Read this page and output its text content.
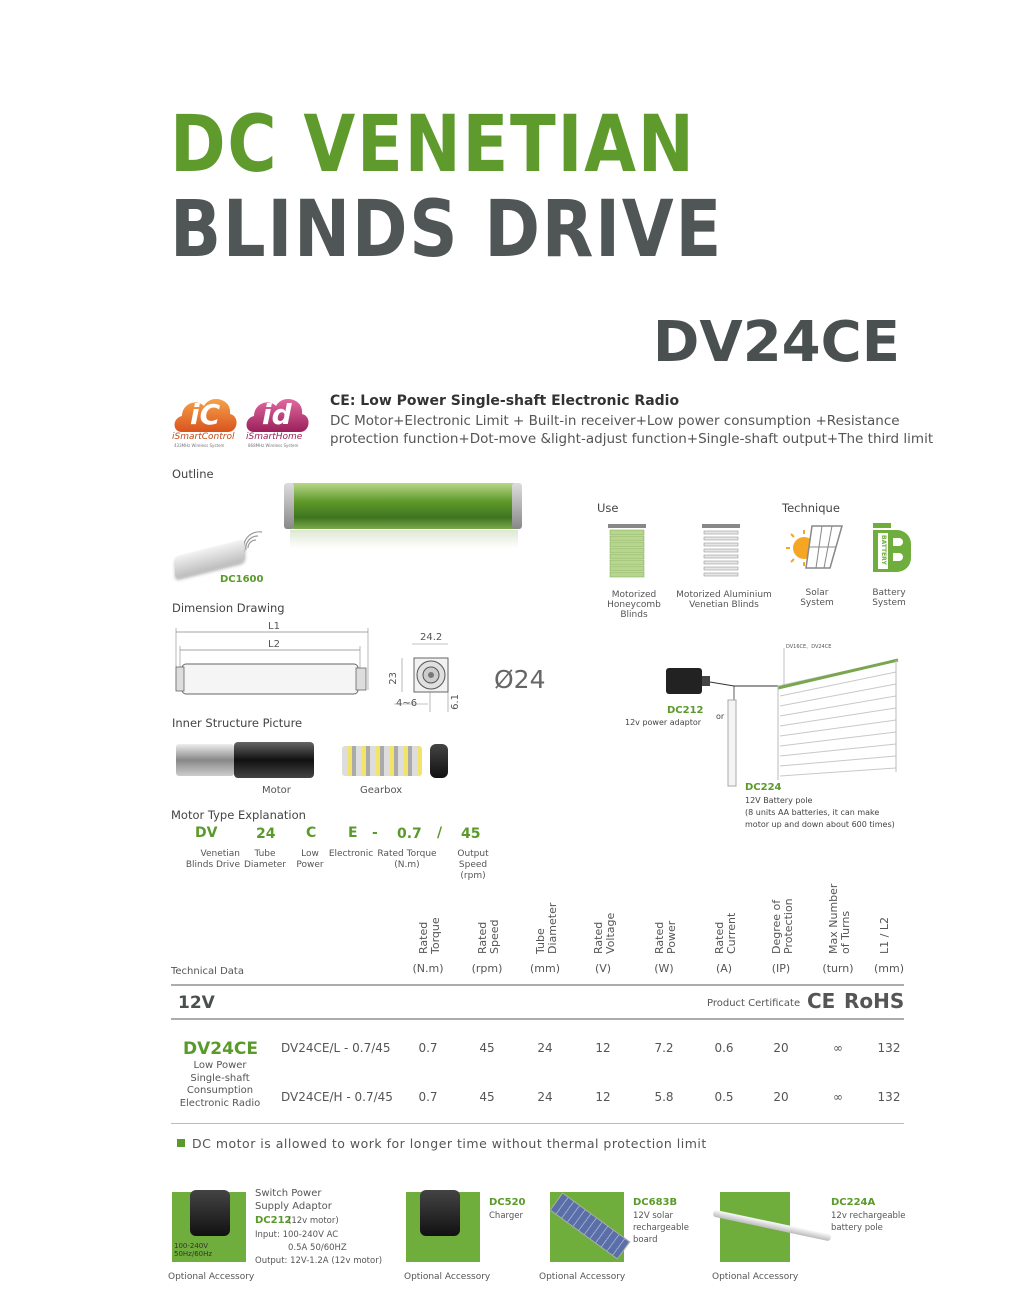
DC VENETIAN
BLINDS DRIVE
DV24CE
iC
iSmartControl
433MHz Wireless System
id
iSmartHome
868MHz Wireless System
CE: Low Power Single-shaft Electronic Radio
DC Motor+Electronic Limit + Built-in receiver+Low power consumption +Resistance
protection function+Dot-move &light-adjust function+Single-shaft output+The third limit
Outline
DC1600
Use	Technique
Motorized
Honeycomb Blinds
Motorized Aluminium
Venetian Blinds
Solar
System
BATTERY
Battery
System
Dimension Drawing
L1
L2
24.2
23
4~6	6.1
Ø24
DV16CE、DV24CE
DC212
12v power adaptor
or
DC224
12V Battery pole
(8 units AA batteries, it can make
motor up and down about 600 times)
Inner Structure Picture
Motor	Gearbox
Motor Type Explanation
DV	24 C E - 0.7 / 45
Venetian
Blinds Drive
Tube
Diameter
Low
Power
Electronic Rated Torque
(N.m)
Output Speed
(rpm)
Technical Data
Rated
Torque
(N.m)
Rated
Speed
(rpm)
Tube
Diameter
(mm)
Rated
Voltage
(V)
Rated
Power
(W)
Rated
Current
(A)
Degree of
Protection
(IP)
Max Number
of Turns
(turn)
L1 / L2
(mm)
12V	Product Certificate CE RoHS
DV24CE
Low Power
Single-shaft
Consumption
Electronic Radio
DV24CE/L - 0.7/45	0.7	45	24	12	7.2	0.6	20	∞	132
DV24CE/H - 0.7/45	0.7	45	24	12	5.8	0.5	20	∞	132
DC motor is allowed to work for longer time without thermal protection limit
100-240V
50Hz/60Hz
Switch Power
Supply Adaptor
DC212
(12v motor)
Input: 100-240V AC
0.5A 50/60HZ
Output: 12V-1.2A (12v motor)
Optional Accessory
DC520
Charger
Optional Accessory
DC683B
12V solar
rechargeable
board
Optional Accessory
DC224A
12v rechargeable
battery pole
Optional Accessory
